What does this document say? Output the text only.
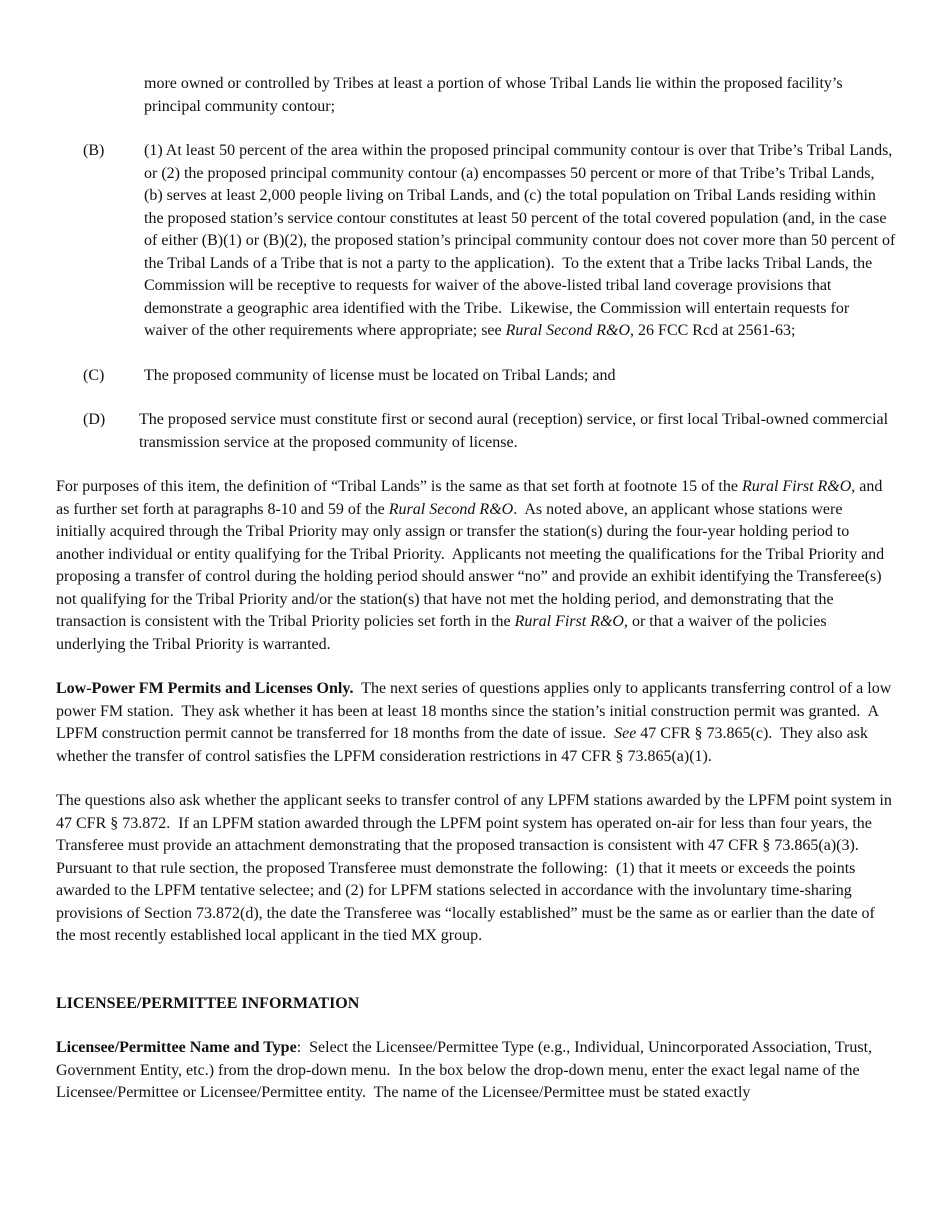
more owned or controlled by Tribes at least a portion of whose Tribal Lands lie within the proposed facility’s principal community contour;
(B) (1) At least 50 percent of the area within the proposed principal community contour is over that Tribe’s Tribal Lands, or (2) the proposed principal community contour (a) encompasses 50 percent or more of that Tribe’s Tribal Lands, (b) serves at least 2,000 people living on Tribal Lands, and (c) the total population on Tribal Lands residing within the proposed station’s service contour constitutes at least 50 percent of the total covered population (and, in the case of either (B)(1) or (B)(2), the proposed station’s principal community contour does not cover more than 50 percent of the Tribal Lands of a Tribe that is not a party to the application).  To the extent that a Tribe lacks Tribal Lands, the Commission will be receptive to requests for waiver of the above-listed tribal land coverage provisions that demonstrate a geographic area identified with the Tribe.  Likewise, the Commission will entertain requests for waiver of the other requirements where appropriate; see Rural Second R&O, 26 FCC Rcd at 2561-63;
(C) The proposed community of license must be located on Tribal Lands; and
(D) The proposed service must constitute first or second aural (reception) service, or first local Tribal-owned commercial transmission service at the proposed community of license.

For purposes of this item, the definition of “Tribal Lands” is the same as that set forth at footnote 15 of the Rural First R&O, and as further set forth at paragraphs 8-10 and 59 of the Rural Second R&O.  As noted above, an applicant whose stations were initially acquired through the Tribal Priority may only assign or transfer the station(s) during the four-year holding period to another individual or entity qualifying for the Tribal Priority.  Applicants not meeting the qualifications for the Tribal Priority and proposing a transfer of control during the holding period should answer “no” and provide an exhibit identifying the Transferee(s) not qualifying for the Tribal Priority and/or the station(s) that have not met the holding period, and demonstrating that the transaction is consistent with the Tribal Priority policies set forth in the Rural First R&O, or that a waiver of the policies underlying the Tribal Priority is warranted.

Low-Power FM Permits and Licenses Only.  The next series of questions applies only to applicants transferring control of a low power FM station.  They ask whether it has been at least 18 months since the station’s initial construction permit was granted.  A LPFM construction permit cannot be transferred for 18 months from the date of issue.  See 47 CFR § 73.865(c).  They also ask whether the transfer of control satisfies the LPFM consideration restrictions in 47 CFR § 73.865(a)(1).

The questions also ask whether the applicant seeks to transfer control of any LPFM stations awarded by the LPFM point system in 47 CFR § 73.872.  If an LPFM station awarded through the LPFM point system has operated on-air for less than four years, the Transferee must provide an attachment demonstrating that the proposed transaction is consistent with 47 CFR § 73.865(a)(3).  Pursuant to that rule section, the proposed Transferee must demonstrate the following:  (1) that it meets or exceeds the points awarded to the LPFM tentative selectee; and (2) for LPFM stations selected in accordance with the involuntary time-sharing provisions of Section 73.872(d), the date the Transferee was “locally established” must be the same as or earlier than the date of the most recently established local applicant in the tied MX group.

LICENSEE/PERMITTEE INFORMATION

Licensee/Permittee Name and Type:  Select the Licensee/Permittee Type (e.g., Individual, Unincorporated Association, Trust, Government Entity, etc.) from the drop-down menu.  In the box below the drop-down menu, enter the exact legal name of the Licensee/Permittee or Licensee/Permittee entity.  The name of the Licensee/Permittee must be stated exactly
